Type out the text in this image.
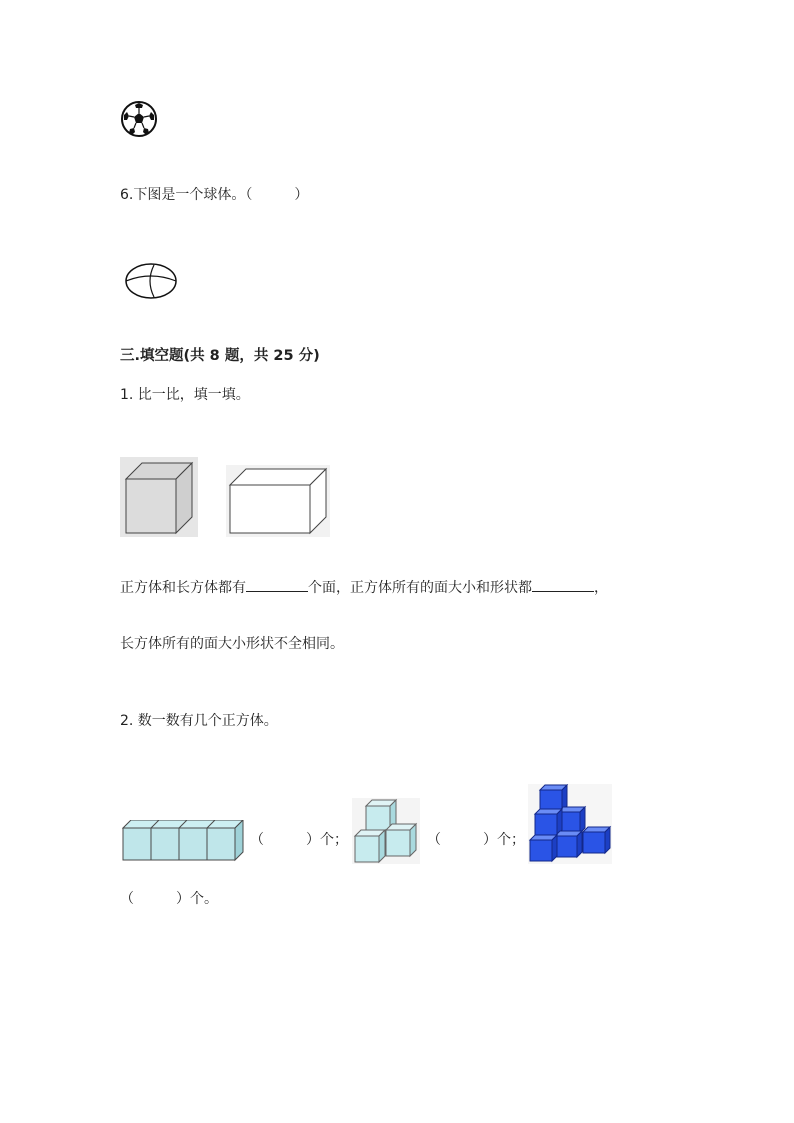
6.下图是一个球体。（　　　）
三.填空题(共 8 题，共 25 分)
1. 比一比，填一填。
正方体和长方体都有	个面，正方体所有的面大小和形状都	，
长方体所有的面大小形状不全相同。
2. 数一数有几个正方体。
（　　　）个；	（　　　）个；
（　　　）个。
